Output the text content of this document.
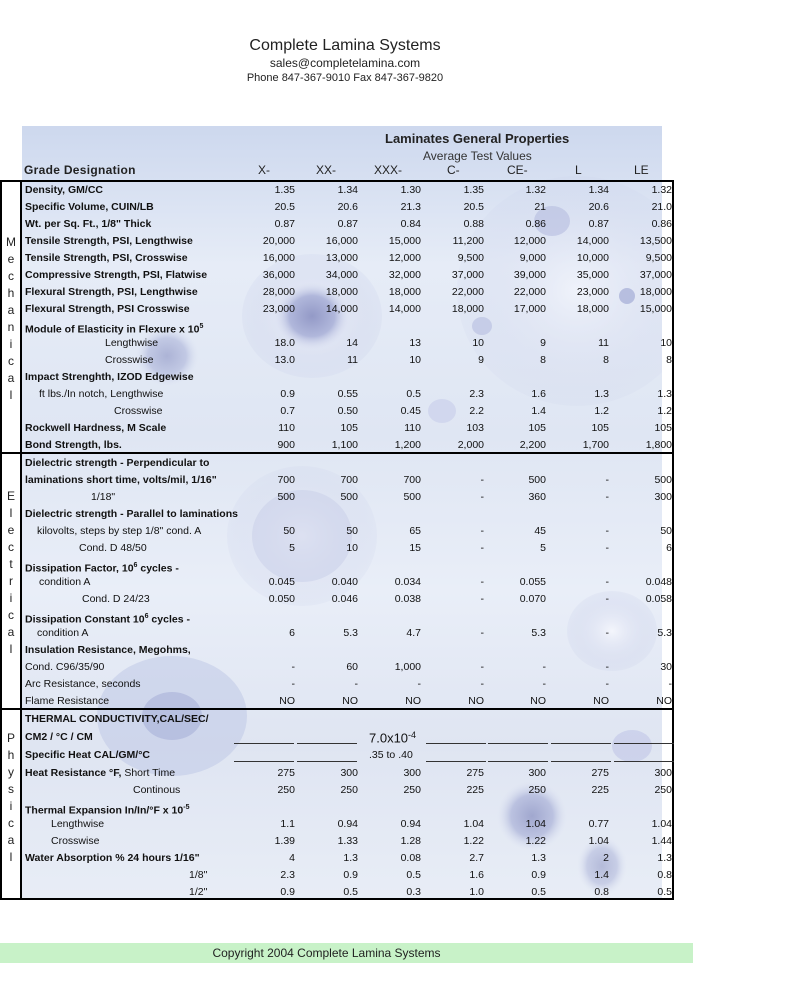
Complete Lamina Systems
sales@completelamina.com
Phone 847-367-9010 Fax 847-367-9820
Laminates General Properties
Average Test Values
Grade Designation	X-	XX-	XXX-	C-	CE-	L	LE
M
e
c
h
a
n
i
c
a
l
Density, GM/CC	1.35	1.34	1.30	1.35	1.32	1.34	1.32
Specific Volume, CUIN/LB	20.5	20.6	21.3	20.5	21	20.6	21.0
Wt. per Sq. Ft., 1/8" Thick	0.87	0.87	0.84	0.88	0.86	0.87	0.86
Tensile Strength, PSI, Lengthwise	20,000	16,000	15,000	11,200	12,000	14,000	13,500
Tensile Strength, PSI, Crosswise	16,000	13,000	12,000	9,500	9,000	10,000	9,500
Compressive Strength, PSI, Flatwise	36,000	34,000	32,000	37,000	39,000	35,000	37,000
Flexural Strength, PSI, Lengthwise	28,000	18,000	18,000	22,000	22,000	23,000	18,000
Flexural Strength, PSI Crosswise	23,000	14,000	14,000	18,000	17,000	18,000	15,000
Module of Elasticity in Flexure x $10^5$
Lengthwise	18.0	14	13	10	9	11	10
Crosswise	13.0	11	10	9	8	8	8
Impact Strenghth, IZOD Edgewise
ft lbs./In notch, Lengthwise	0.9	0.55	0.5	2.3	1.6	1.3	1.3
Crosswise	0.7	0.50	0.45	2.2	1.4	1.2	1.2
Rockwell Hardness, M Scale	110	105	110	103	105	105	105
Bond Strength, lbs.	900	1,100	1,200	2,000	2,200	1,700	1,800
E
l
e
c
t
r
i
c
a
l
Dielectric strength - Perpendicular to
laminations short time, volts/mil, 1/16"	700	700	700	-	500	-	500
1/18"	500	500	500	-	360	-	300
Dielectric strength - Parallel to laminations
kilovolts, steps by step 1/8" cond. A	50	50	65	-	45	-	50
Cond. D 48/50	5	10	15	-	5	-	6
Dissipation Factor, $10^6$ cycles -
condition A	0.045	0.040	0.034	-	0.055	-	0.048
Cond. D 24/23	0.050	0.046	0.038	-	0.070	-	0.058
Dissipation Constant $10^6$ cycles -
condition A	6	5.3	4.7	-	5.3	-	5.3
Insulation Resistance, Megohms,
Cond. C96/35/90	-	60	1,000	-	-	-	30
Arc Resistance, seconds	-	-	-	-	-	-	-
Flame Resistance	NO	NO	NO	NO	NO	NO	NO
P
h
y
s
i
c
a
l
THERMAL CONDUCTIVITY,CAL/SEC/
CM2 / °C / CM	$7.0x10^{-4}$
Specific Heat CAL/GM/°C	.35 to .40
Heat Resistance °F, Short Time	275	300	300	275	300	275	300
Continous	250	250	250	225	250	225	250
Thermal Expansion In/In/°F x $10^{-5}$
Lengthwise	1.1	0.94	0.94	1.04	1.04	0.77	1.04
Crosswise	1.39	1.33	1.28	1.22	1.22	1.04	1.44
Water Absorption % 24 hours 1/16"	4	1.3	0.08	2.7	1.3	2	1.3
1/8"	2.3	0.9	0.5	1.6	0.9	1.4	0.8
1/2"	0.9	0.5	0.3	1.0	0.5	0.8	0.5
Copyright 2004 Complete Lamina Systems
